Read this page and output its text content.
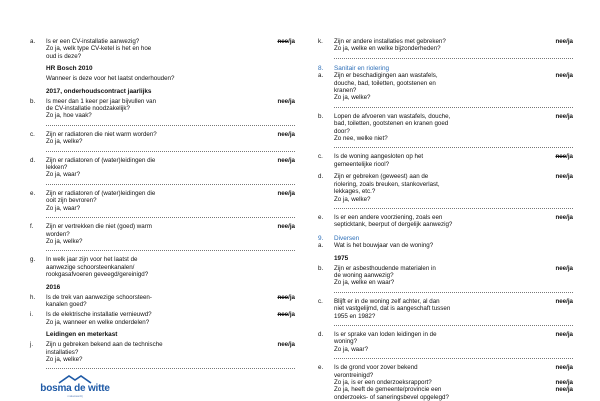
a. Is er een CV-installatie aanwezig?
Zo ja, welk type CV-ketel is het en hoe
oud is deze?
nee/ja
HR Bosch 2010
Wanneer is deze voor het laatst onderhouden?
2017, onderhoudscontract jaarlijks
b. Is meer dan 1 keer per jaar bijvullen van
de CV-installatie noodzakelijk?
Zo ja, hoe vaak?
nee/ja
c. Zijn er radiatoren die niet warm worden?
Zo ja, welke?
nee/ja
d. Zijn er radiatoren of (water)leidingen die
lekken?
Zo ja, waar?
nee/ja
e. Zijn er radiatoren of (water)leidingen die
ooit zijn bevroren?
Zo ja, waar?
nee/ja
f. Zijn er vertrekken die niet (goed) warm
worden?
Zo ja, welke?
nee/ja
g. In welk jaar zijn voor het laatst de
aanwezige schoorsteenkanalen/
rookgasafvoeren geveegd/gereinigd?
2016
h. Is de trek van aanwezige schoorsteen-
kanalen goed?
nee/ja
i. Is de elektrische installatie vernieuwd?
Zo ja, wanneer en welke onderdelen?
nee/ja
Leidingen en meterkast
j. Zijn u gebreken bekend aan de technische
installaties?
Zo ja, welke?
nee/ja
k. Zijn er andere installaties met gebreken?
Zo ja, welke en welke bijzonderheden?
nee/ja
8. Sanitair en riolering
a. Zijn er beschadigingen aan wastafels,
douche, bad, toiletten, gootstenen en
kranen?
Zo ja, welke?
nee/ja
b. Lopen de afvoeren van wastafels, douche,
bad, toiletten, gootstenen en kranen goed
door?
Zo nee, welke niet?
nee/ja
c. Is de woning aangesloten op het
gemeentelijke riool?
nee/ja
d. Zijn er gebreken (geweest) aan de
riolering, zoals breuken, stankoverlast,
lekkages, etc.?
Zo ja, welke?
nee/ja
e. Is er een andere voorziening, zoals een
septicktank, beerput of dergelijk aanwezig?
nee/ja
9. Diversen
a. Wat is het bouwjaar van de woning?
1975
b. Zijn er asbesthoudende materialen in
de woning aanwezig?
Zo ja, welke en waar?
nee/ja
c. Blijft er in de woning zelf achter, al dan
niet vastgelijmd, dat is aangeschaft tussen
1955 en 1982?
nee/ja
d. Is er sprake van loden leidingen in de
woning?
Zo ja, waar?
nee/ja
e. Is de grond voor zover bekend
verontreinigd?
Zo ja, is er een onderzoeksrapport?
Zo ja, heeft de gemeente/provincie een
onderzoeks- of saneringsbevel opgelegd?
nee/ja

nee/ja
nee/ja
bosma de witte
makelaardij
